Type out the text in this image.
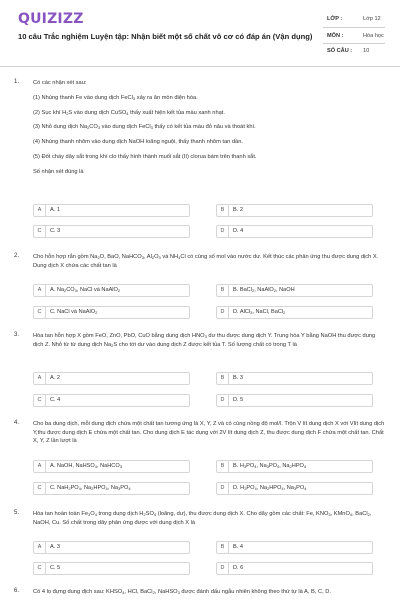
QUIZIZZ
10 câu Trắc nghiệm Luyện tập: Nhận biết một số chất vô cơ có đáp án (Vận dụng)
LỚP :	Lớp 12
MÔN :	Hóa học
SỐ CÂU : 10
1. Có các nhận xét sau:

(1) Nhúng thanh Fe vào dung dịch FeCl$_3$ xảy ra ăn mòn điện hóa.

(2) Sục khí $H_2S$ vào dung dịch CuSO$_4$ thấy xuất hiện kết tủa màu xanh nhạt.

(3) Nhỏ dung dịch $Na_2CO_3$ vào dung dịch FeCl$_3$ thấy có kết tủa màu đỏ nâu và thoát khí.

(4) Nhúng thanh nhôm vào dung dịch NaOH loãng nguội, thấy thanh nhôm tan dần.

(5) Đốt cháy dây sắt trong khí clo thấy hình thành muối sắt (II) clorua bám trên thanh sắt.

Số nhận xét đúng là

A	A. 1	B	B. 2
C	C. 3	D	D. 4
2. Cho hỗn hợp rắn gồm $Na_2O$, BaO, NaHCO$_3$, $Al_2O_3$ và $NH_4Cl$ có cùng số mol vào nước dư. Kết thúc các phản ứng thu được dung dịch X. Dung dịch X chứa các chất tan là

A	A. $Na_2CO_3$, NaCl và NaAlO$_2$	B	B. BaCl$_2$, NaAlO$_2$, NaOH
C	C. NaCl và NaAlO$_2$	D	D. AlCl$_3$, NaCl, BaCl$_2$
3. Hòa tan hỗn hợp X gồm FeO, ZnO, PbO, CuO bằng dung dịch $HNO_3$ dư thu được dung dịch Y. Trung hòa Y bằng NaOH thu được dung dịch Z. Nhỏ từ từ dung dịch $Na_2S$ cho tới dư vào dung dịch Z được kết tủa T. Số lượng chất có trong T là

A	A. 2	B	B. 3
C	C. 4	D	D. 5
4. Cho ba dung dịch, mỗi dung dịch chứa một chất tan tương ứng là X, Y, Z và có cùng nồng độ mol/l. Trộn V lít dung dịch X với Vlít dung dịch Y,thu được dung dịch E chứa một chất tan. Cho dung dịch E tác dụng với 2V lít dung dịch Z, thu được dung dịch F chứa một chất tan. Chất X, Y, Z lần lượt là

A	A. NaOH, NaHSO$_4$, NaHCO$_3$	B	B. $H_3PO_4$, $Na_3PO_4$, $Na_2HPO_4$
C	C. $NaH_2PO_4$, $Na_2HPO_4$, $Na_3PO_4$	D	D. $H_3PO_4$, $Na_2HPO_4$, $Na_3PO_4$
5. Hòa tan hoàn toàn $Fe_3O_4$ trong dung dịch $H_2SO_4$ (loãng, dư), thu được dung dịch X. Cho dãy gồm các chất: Fe, $KNO_3$, KMnO$_4$, BaCl$_2$, NaOH, Cu. Số chất trong dãy phản ứng được với dung dịch X là

A	A. 3	B	B. 4
C	C. 5	D	D. 6
6. Có 4 lọ đựng dung dịch sau: $KHSO_4$, HCl, BaCl$_2$, NaHSO$_3$ được đánh dấu ngẫu nhiên không theo thứ tự là A, B, C, D.
